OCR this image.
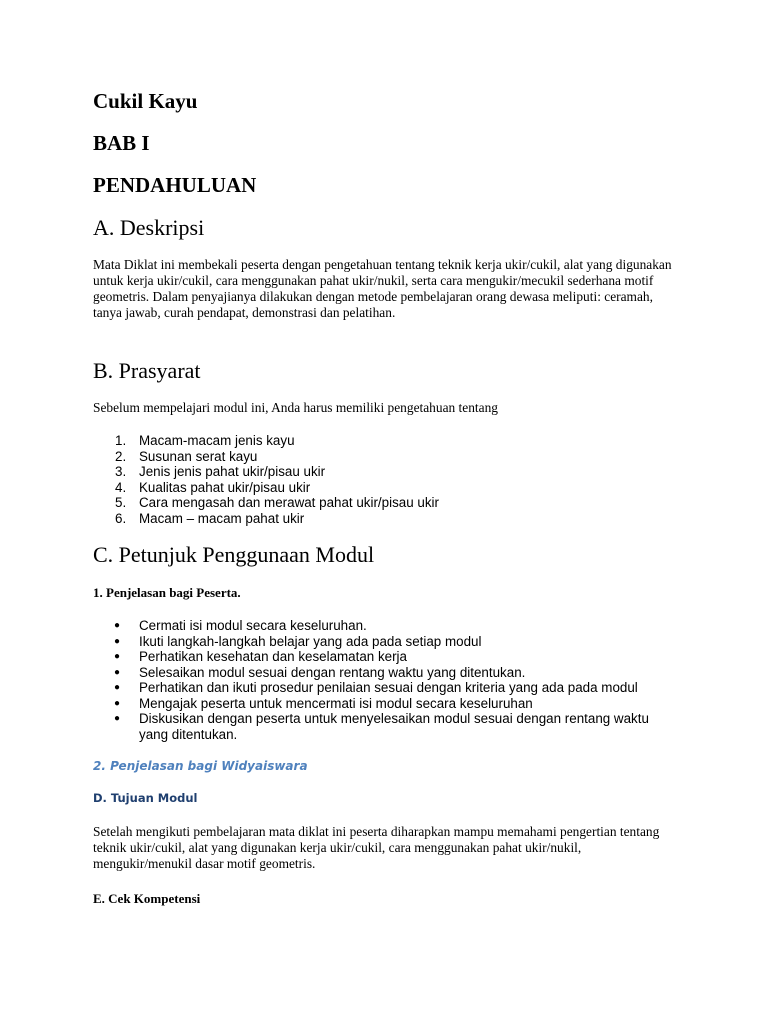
Cukil Kayu
BAB I
PENDAHULUAN
A. Deskripsi
Mata Diklat ini membekali peserta dengan pengetahuan tentang teknik kerja ukir/cukil, alat yang digunakan untuk kerja ukir/cukil, cara menggunakan pahat ukir/nukil, serta cara mengukir/mecukil sederhana motif geometris. Dalam penyajianya dilakukan dengan metode pembelajaran orang dewasa meliputi: ceramah, tanya jawab, curah pendapat, demonstrasi dan pelatihan.
B. Prasyarat
Sebelum mempelajari modul ini, Anda harus memiliki pengetahuan tentang
1. Macam-macam jenis kayu
2. Susunan serat kayu
3. Jenis jenis pahat ukir/pisau ukir
4. Kualitas pahat ukir/pisau ukir
5. Cara mengasah dan merawat pahat ukir/pisau ukir
6. Macam – macam pahat ukir
C. Petunjuk Penggunaan Modul
1. Penjelasan bagi Peserta.
●	Cermati isi modul secara keseluruhan.
●	Ikuti langkah-langkah belajar yang ada pada setiap modul
●	Perhatikan kesehatan dan keselamatan kerja
●	Selesaikan modul sesuai dengan rentang waktu yang ditentukan.
●	Perhatikan dan ikuti prosedur penilaian sesuai dengan kriteria yang ada pada modul
●	Mengajak peserta untuk mencermati isi modul secara keseluruhan
●	Diskusikan dengan peserta untuk menyelesaikan modul sesuai dengan rentang waktu yang ditentukan.
2. Penjelasan bagi Widyaiswara
D. Tujuan Modul
Setelah mengikuti pembelajaran mata diklat ini peserta diharapkan mampu memahami pengertian tentang teknik ukir/cukil, alat yang digunakan kerja ukir/cukil, cara menggunakan pahat ukir/nukil, mengukir/menukil dasar motif geometris.
E. Cek Kompetensi
